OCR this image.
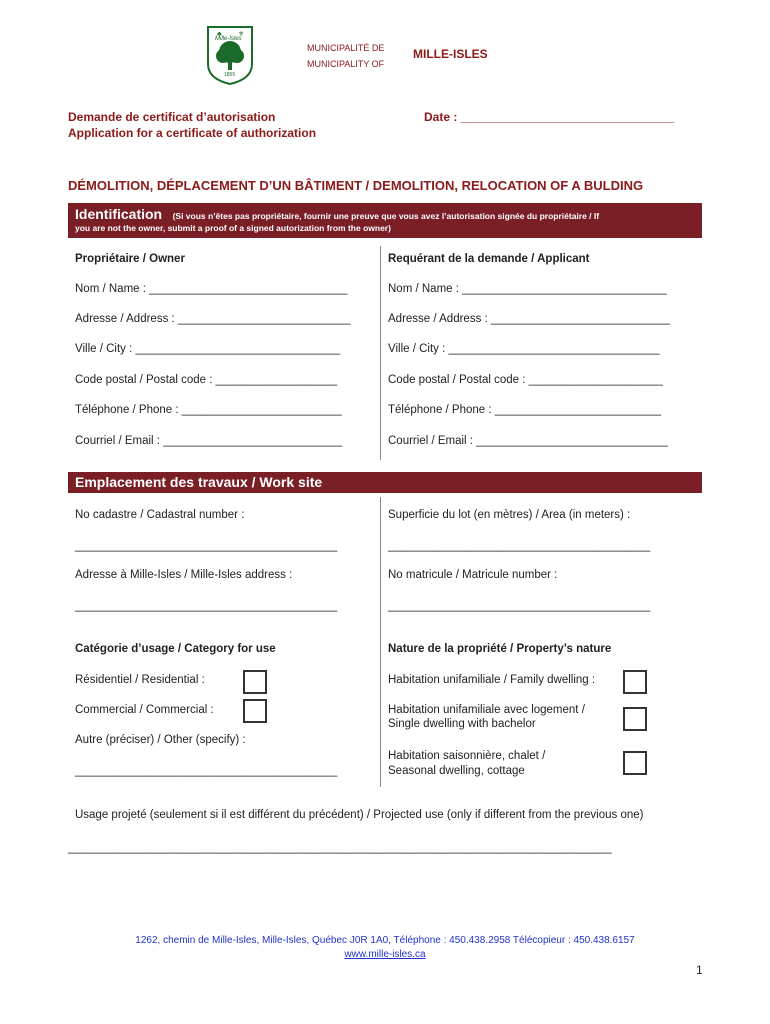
♣ ⚜
Mille-Isles
1855
MUNICIPALITÉ DE
MUNICIPALITY OF
MILLE-ISLES
Demande de certificat d’autorisation
Application for a certificate of authorization
Date : ________________________________
DÉMOLITION, DÉPLACEMENT D’UN BÂTIMENT / DEMOLITION, RELOCATION OF A BULDING
Identification (Si vous n’êtes pas propriétaire, fournir une preuve que vous avez l’autorisation signée du propriétaire / If
you are not the owner, submit a proof of a signed autorization from the owner)
Propriétaire / Owner	Requérant de la demande / Applicant
Nom / Name : _______________________________
Adresse / Address : ___________________________
Ville / City : ________________________________
Code postal / Postal code : ___________________
Téléphone / Phone : _________________________
Courriel / Email : ____________________________
Nom / Name : ________________________________
Adresse / Address : ____________________________
Ville / City : _________________________________
Code postal / Postal code : _____________________
Téléphone / Phone : __________________________
Courriel / Email : ______________________________
Emplacement des travaux / Work site
No cadastre / Cadastral number :
_________________________________________
Superficie du lot (en mètres) / Area (in meters) :
_________________________________________
Adresse à Mille-Isles / Mille-Isles address :
_________________________________________
No matricule / Matricule number :
_________________________________________
Catégorie d’usage / Category for use	Nature de la propriété / Property’s nature
Résidentiel / Residential :
Commercial / Commercial :
Autre (préciser) / Other (specify) :
_________________________________________
Habitation unifamiliale / Family dwelling :
Habitation unifamiliale avec logement /
Single dwelling with bachelor
Habitation saisonnière, chalet /
Seasonal dwelling, cottage
Usage projeté (seulement si il est différent du précédent) / Projected use (only if different from the previous one)
_____________________________________________________________________________________
1262, chemin de Mille-Isles, Mille-Isles, Québec J0R 1A0, Téléphone : 450.438.2958 Télécopieur : 450.438.6157
www.mille-isles.ca
1
